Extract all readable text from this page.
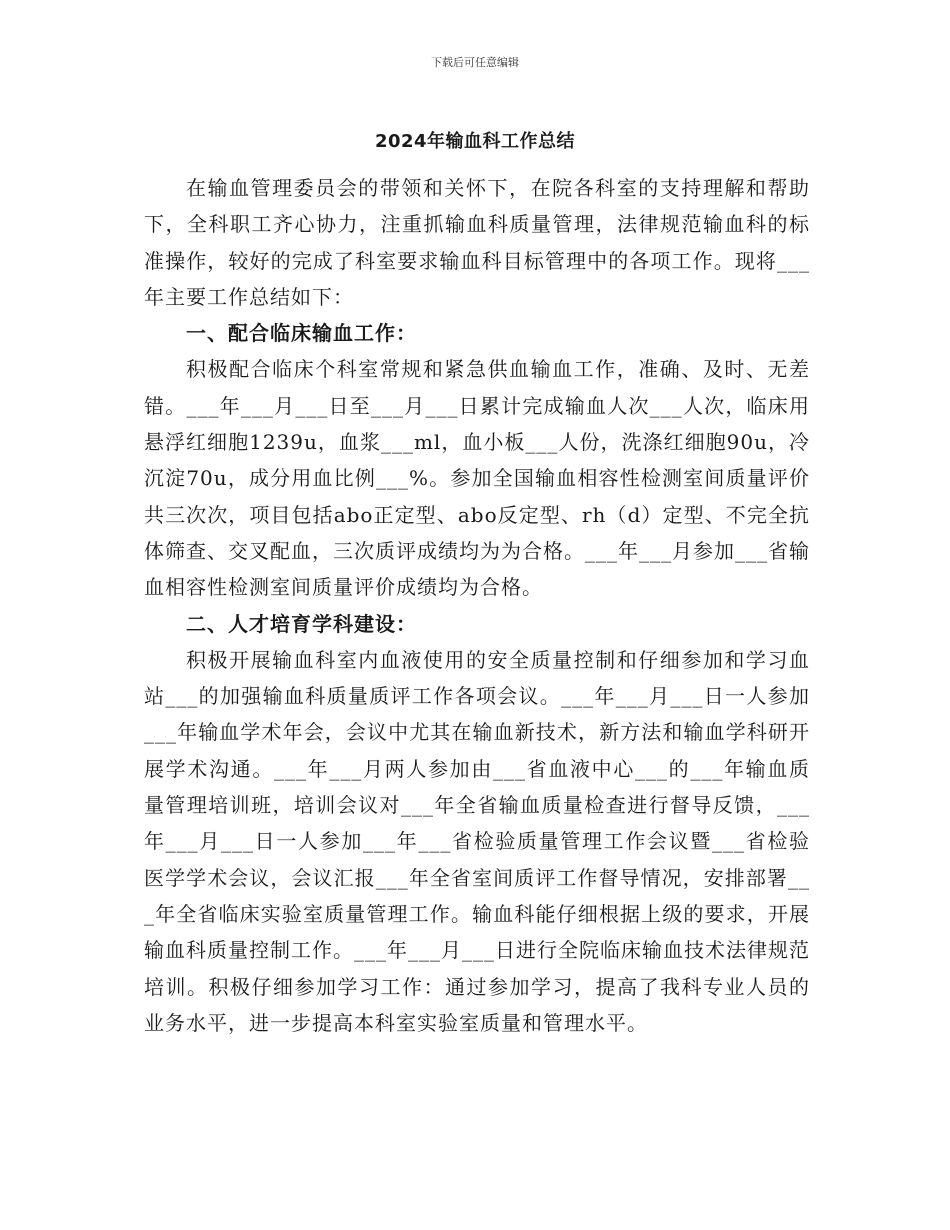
下载后可任意编辑
2024年输血科工作总结

在输血管理委员会的带领和关怀下，在院各科室的支持理解和帮助下，全科职工齐心协力，注重抓输血科质量管理，法律规范输血科的标准操作，较好的完成了科室要求输血科目标管理中的各项工作。现将___年主要工作总结如下：

一、配合临床输血工作：

积极配合临床个科室常规和紧急供血输血工作，准确、及时、无差错。___年___月___日至___月___日累计完成输血人次___人次，临床用悬浮红细胞1239u，血浆___ml，血小板___人份，洗涤红细胞90u，冷沉淀70u，成分用血比例___%。参加全国输血相容性检测室间质量评价共三次次，项目包括abo正定型、abo反定型、rh（d）定型、不完全抗体筛查、交叉配血，三次质评成绩均为为合格。___年___月参加___省输血相容性检测室间质量评价成绩均为合格。

二、人才培育学科建设：

积极开展输血科室内血液使用的安全质量控制和仔细参加和学习血站___的加强输血科质量质评工作各项会议。___年___月___日一人参加___年输血学术年会，会议中尤其在输血新技术，新方法和输血学科研开展学术沟通。___年___月两人参加由___省血液中心___的___年输血质量管理培训班，培训会议对___年全省输血质量检查进行督导反馈，___年___月___日一人参加___年___省检验质量管理工作会议暨___省检验医学学术会议，会议汇报___年全省室间质评工作督导情况，安排部署___年全省临床实验室质量管理工作。输血科能仔细根据上级的要求，开展输血科质量控制工作。___年___月___日进行全院临床输血技术法律规范培训。积极仔细参加学习工作：通过参加学习，提高了我科专业人员的业务水平，进一步提高本科室实验室质量和管理水平。
